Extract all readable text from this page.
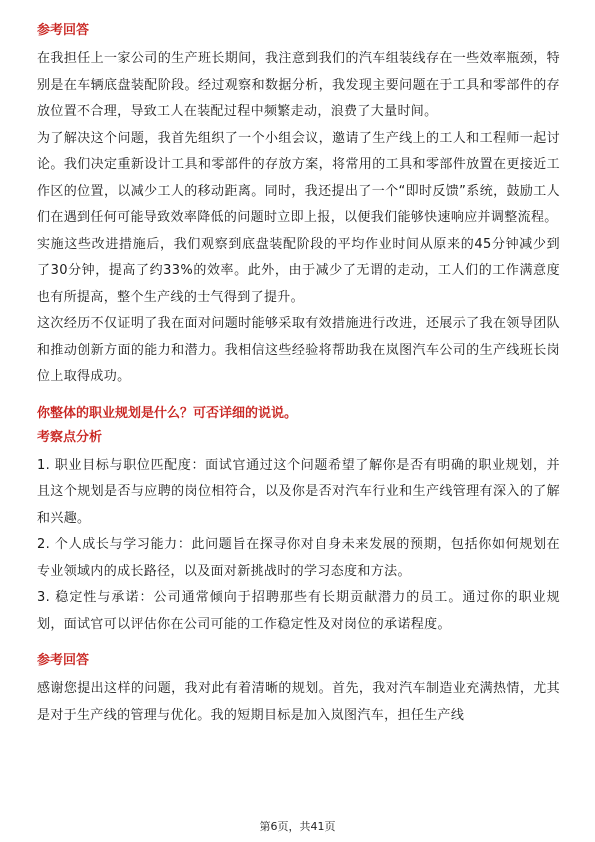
参考回答

在我担任上一家公司的生产班长期间，我注意到我们的汽车组装线存在一些效率瓶颈，特别是在车辆底盘装配阶段。经过观察和数据分析，我发现主要问题在于工具和零部件的存放位置不合理，导致工人在装配过程中频繁走动，浪费了大量时间。

为了解决这个问题，我首先组织了一个小组会议，邀请了生产线上的工人和工程师一起讨论。我们决定重新设计工具和零部件的存放方案，将常用的工具和零部件放置在更接近工作区的位置，以减少工人的移动距离。同时，我还提出了一个“即时反馈”系统，鼓励工人们在遇到任何可能导致效率降低的问题时立即上报，以便我们能够快速响应并调整流程。

实施这些改进措施后，我们观察到底盘装配阶段的平均作业时间从原来的45分钟减少到了30分钟，提高了约33%的效率。此外，由于减少了无谓的走动，工人们的工作满意度也有所提高，整个生产线的士气得到了提升。

这次经历不仅证明了我在面对问题时能够采取有效措施进行改进，还展示了我在领导团队和推动创新方面的能力和潜力。我相信这些经验将帮助我在岚图汽车公司的生产线班长岗位上取得成功。

你整体的职业规划是什么？可否详细的说说。
考察点分析

1. 职业目标与职位匹配度：面试官通过这个问题希望了解你是否有明确的职业规划，并且这个规划是否与应聘的岗位相符合，以及你是否对汽车行业和生产线管理有深入的了解和兴趣。

2. 个人成长与学习能力：此问题旨在探寻你对自身未来发展的预期，包括你如何规划在专业领域内的成长路径，以及面对新挑战时的学习态度和方法。

3. 稳定性与承诺：公司通常倾向于招聘那些有长期贡献潜力的员工。通过你的职业规划，面试官可以评估你在公司可能的工作稳定性及对岗位的承诺程度。

参考回答

感谢您提出这样的问题，我对此有着清晰的规划。首先，我对汽车制造业充满热情，尤其是对于生产线的管理与优化。我的短期目标是加入岚图汽车，担任生产线

第6页，共41页
